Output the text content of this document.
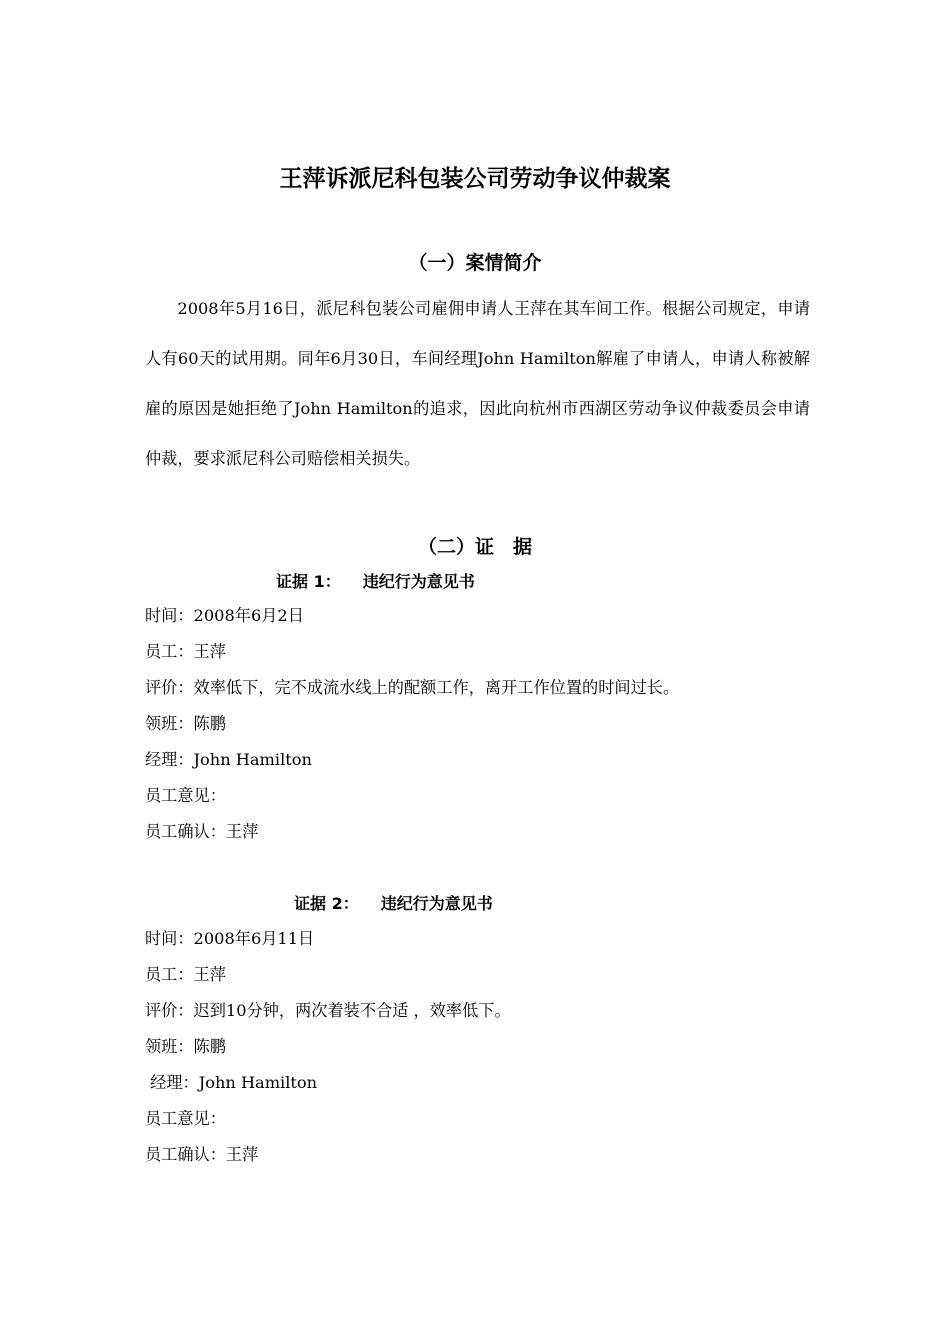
王萍诉派尼科包装公司劳动争议仲裁案
（一）案情简介
2008年5月16日，派尼科包装公司雇佣申请人王萍在其车间工作。根据公司规定，申请人有60天的试用期。同年6月30日，车间经理John Hamilton解雇了申请人，申请人称被解雇的原因是她拒绝了John Hamilton的追求，因此向杭州市西湖区劳动争议仲裁委员会申请仲裁，要求派尼科公司赔偿相关损失。
（二）证　据
证据 1： 违纪行为意见书
时间：2008年6月2日
员工：王萍
评价：效率低下，完不成流水线上的配额工作，离开工作位置的时间过长。
领班：陈鹏
经理：John Hamilton
员工意见：
员工确认：王萍
证据 2： 违纪行为意见书
时间：2008年6月11日
员工：王萍
评价：迟到10分钟，两次着装不合适 ，效率低下。
领班：陈鹏
经理：John Hamilton
员工意见：
员工确认：王萍
